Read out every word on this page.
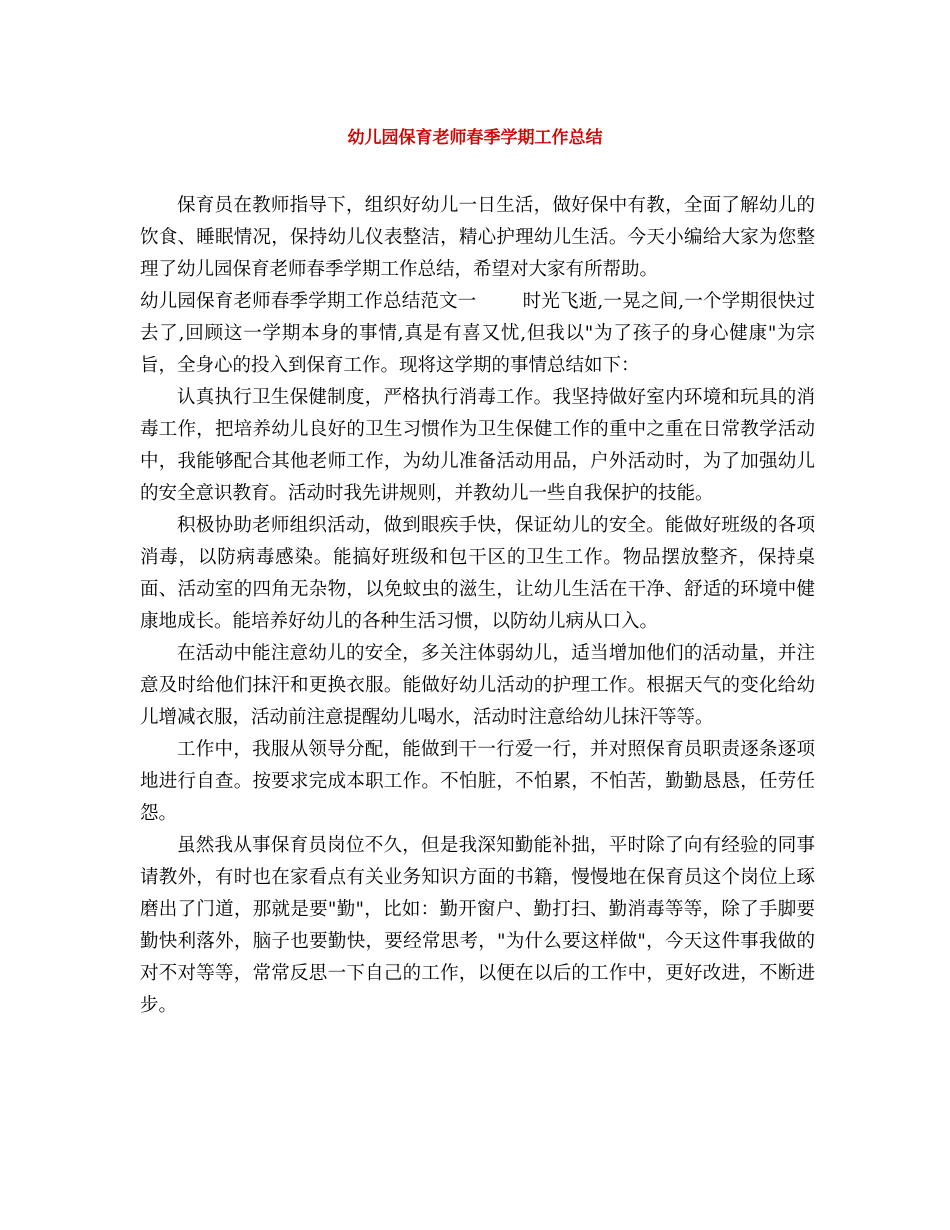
幼儿园保育老师春季学期工作总结

保育员在教师指导下，组织好幼儿一日生活，做好保中有教，全面了解幼儿的饮食、睡眠情况，保持幼儿仪表整洁，精心护理幼儿生活。今天小编给大家为您整理了幼儿园保育老师春季学期工作总结，希望对大家有所帮助。

幼儿园保育老师春季学期工作总结范文一 时光飞逝,一晃之间,一个学期很快过去了,回顾这一学期本身的事情,真是有喜又忧,但我以"为了孩子的身心健康"为宗旨，全身心的投入到保育工作。现将这学期的事情总结如下：

认真执行卫生保健制度，严格执行消毒工作。我坚持做好室内环境和玩具的消毒工作，把培养幼儿良好的卫生习惯作为卫生保健工作的重中之重在日常教学活动中，我能够配合其他老师工作，为幼儿准备活动用品，户外活动时，为了加强幼儿的安全意识教育。活动时我先讲规则，并教幼儿一些自我保护的技能。

积极协助老师组织活动，做到眼疾手快，保证幼儿的安全。能做好班级的各项消毒，以防病毒感染。能搞好班级和包干区的卫生工作。物品摆放整齐，保持桌面、活动室的四角无杂物，以免蚊虫的滋生，让幼儿生活在干净、舒适的环境中健康地成长。能培养好幼儿的各种生活习惯，以防幼儿病从口入。

在活动中能注意幼儿的安全，多关注体弱幼儿，适当增加他们的活动量，并注意及时给他们抹汗和更换衣服。能做好幼儿活动的护理工作。根据天气的变化给幼儿增减衣服，活动前注意提醒幼儿喝水，活动时注意给幼儿抹汗等等。

工作中，我服从领导分配，能做到干一行爱一行，并对照保育员职责逐条逐项地进行自查。按要求完成本职工作。不怕脏，不怕累，不怕苦，勤勤恳恳，任劳任怨。

虽然我从事保育员岗位不久，但是我深知勤能补拙，平时除了向有经验的同事请教外，有时也在家看点有关业务知识方面的书籍，慢慢地在保育员这个岗位上琢磨出了门道，那就是要"勤"，比如：勤开窗户、勤打扫、勤消毒等等，除了手脚要勤快利落外，脑子也要勤快，要经常思考，"为什么要这样做"，今天这件事我做的对不对等等，常常反思一下自己的工作，以便在以后的工作中，更好改进，不断进步。
